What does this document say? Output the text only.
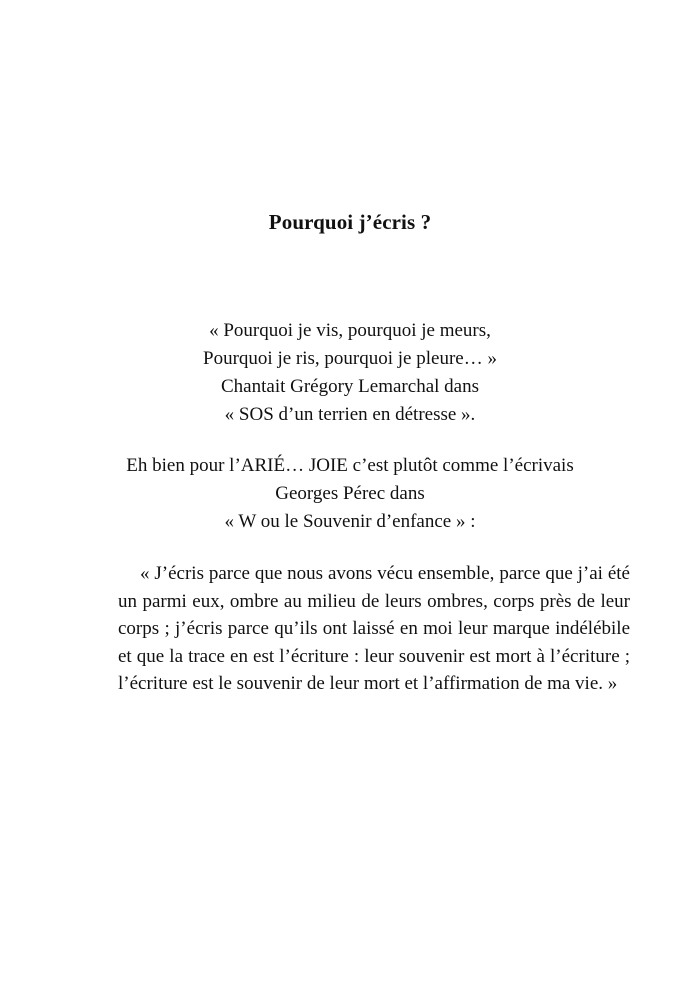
Pourquoi j’écris ?
« Pourquoi je vis, pourquoi je meurs,
Pourquoi je ris, pourquoi je pleure… »
Chantait Grégory Lemarchal dans
« SOS d’un terrien en détresse ».
Eh bien pour l’ARIÉ… JOIE c’est plutôt comme l’écrivais
Georges Pérec dans
« W ou le Souvenir d’enfance » :

« J’écris parce que nous avons vécu ensemble, parce que j’ai été un parmi eux, ombre au milieu de leurs ombres, corps près de leur corps ; j’écris parce qu’ils ont laissé en moi leur marque indélébile et que la trace en est l’écriture : leur souvenir est mort à l’écriture ; l’écriture est le souvenir de leur mort et l’affirmation de ma vie. »
